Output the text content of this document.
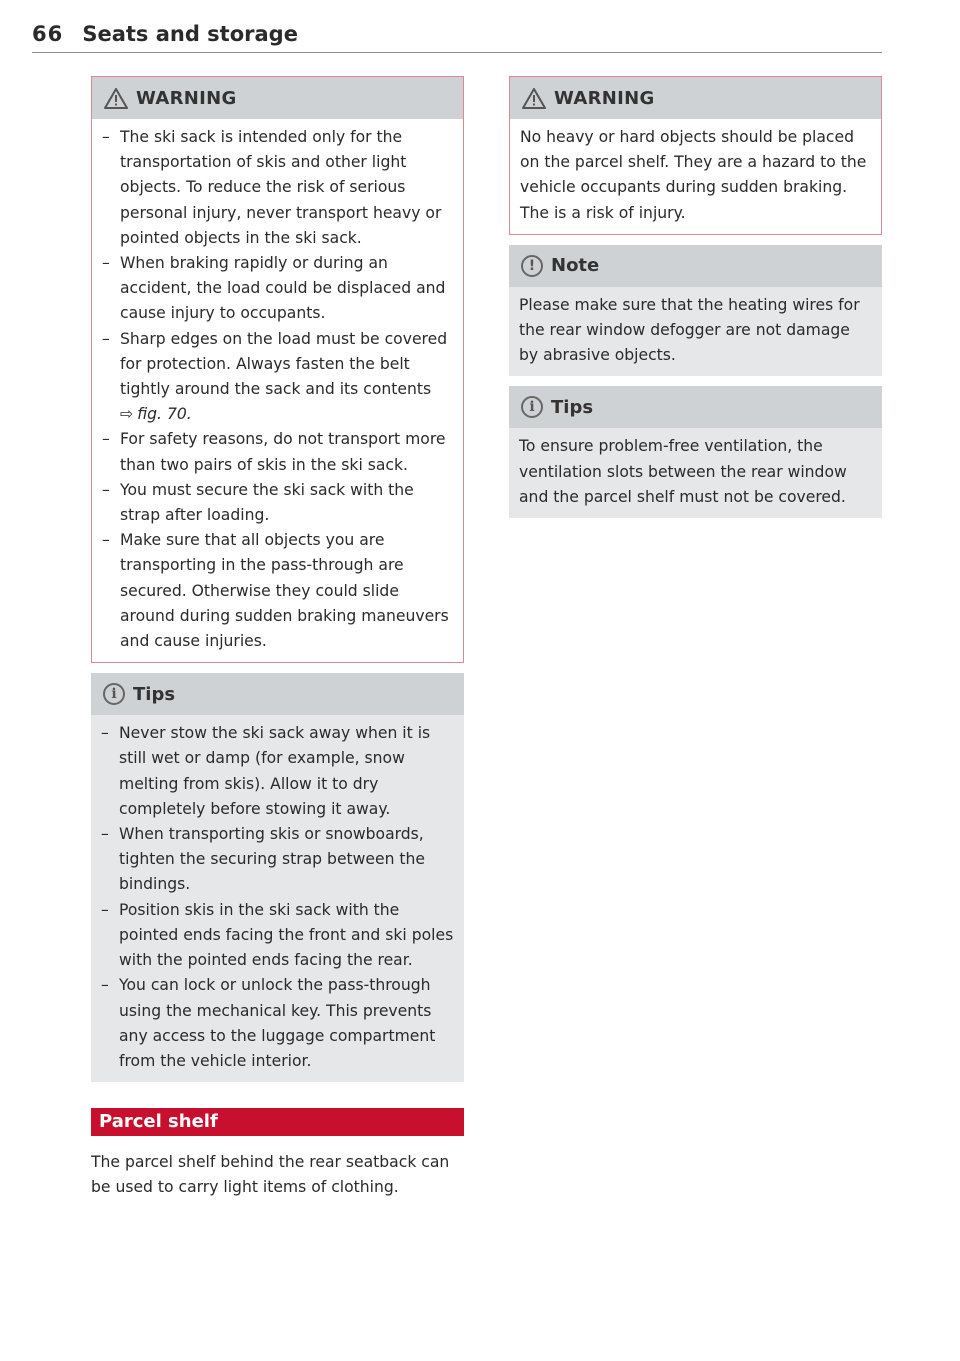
66 Seats and storage
WARNING
– The ski sack is intended only for the transportation of skis and other light objects. To reduce the risk of serious personal injury, never transport heavy or pointed objects in the ski sack.
– When braking rapidly or during an accident, the load could be displaced and cause injury to occupants.
– Sharp edges on the load must be covered for protection. Always fasten the belt tightly around the sack and its contents
⇨ fig. 70.
– For safety reasons, do not transport more than two pairs of skis in the ski sack.
– You must secure the ski sack with the strap after loading.
– Make sure that all objects you are transporting in the pass-through are secured. Otherwise they could slide around during sudden braking maneuvers and cause injuries.
i Tips
– Never stow the ski sack away when it is still wet or damp (for example, snow melting from skis). Allow it to dry completely before stowing it away.
– When transporting skis or snowboards, tighten the securing strap between the bindings.
– Position skis in the ski sack with the pointed ends facing the front and ski poles with the pointed ends facing the rear.
– You can lock or unlock the pass-through using the mechanical key. This prevents any access to the luggage compartment from the vehicle interior.
Parcel shelf
The parcel shelf behind the rear seatback can be used to carry light items of clothing.
WARNING
No heavy or hard objects should be placed on the parcel shelf. They are a hazard to the vehicle occupants during sudden braking. The is a risk of injury.
! Note
Please make sure that the heating wires for the rear window defogger are not damage by abrasive objects.
i Tips
To ensure problem-free ventilation, the ventilation slots between the rear window and the parcel shelf must not be covered.
